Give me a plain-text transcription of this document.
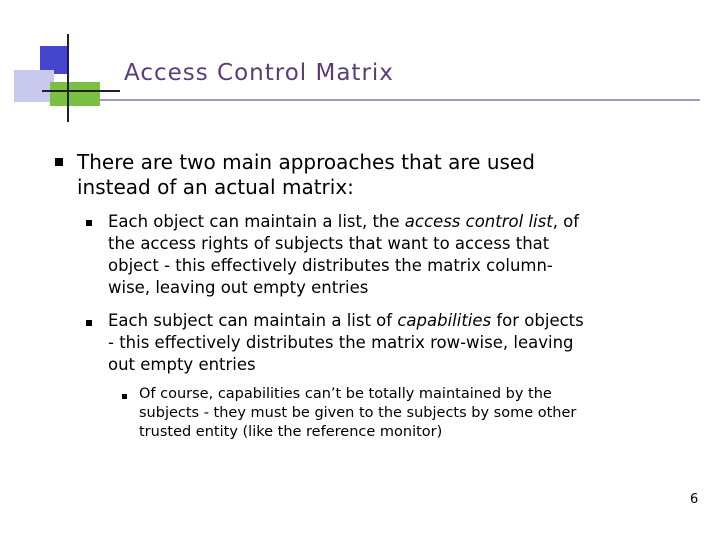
Access Control Matrix
There are two main approaches that are used
instead of an actual matrix:
Each object can maintain a list, the access control list, of
the access rights of subjects that want to access that
object - this effectively distributes the matrix column-
wise, leaving out empty entries
Each subject can maintain a list of capabilities for objects
- this effectively distributes the matrix row-wise, leaving
out empty entries
Of course, capabilities can’t be totally maintained by the
subjects - they must be given to the subjects by some other
trusted entity (like the reference monitor)
6
